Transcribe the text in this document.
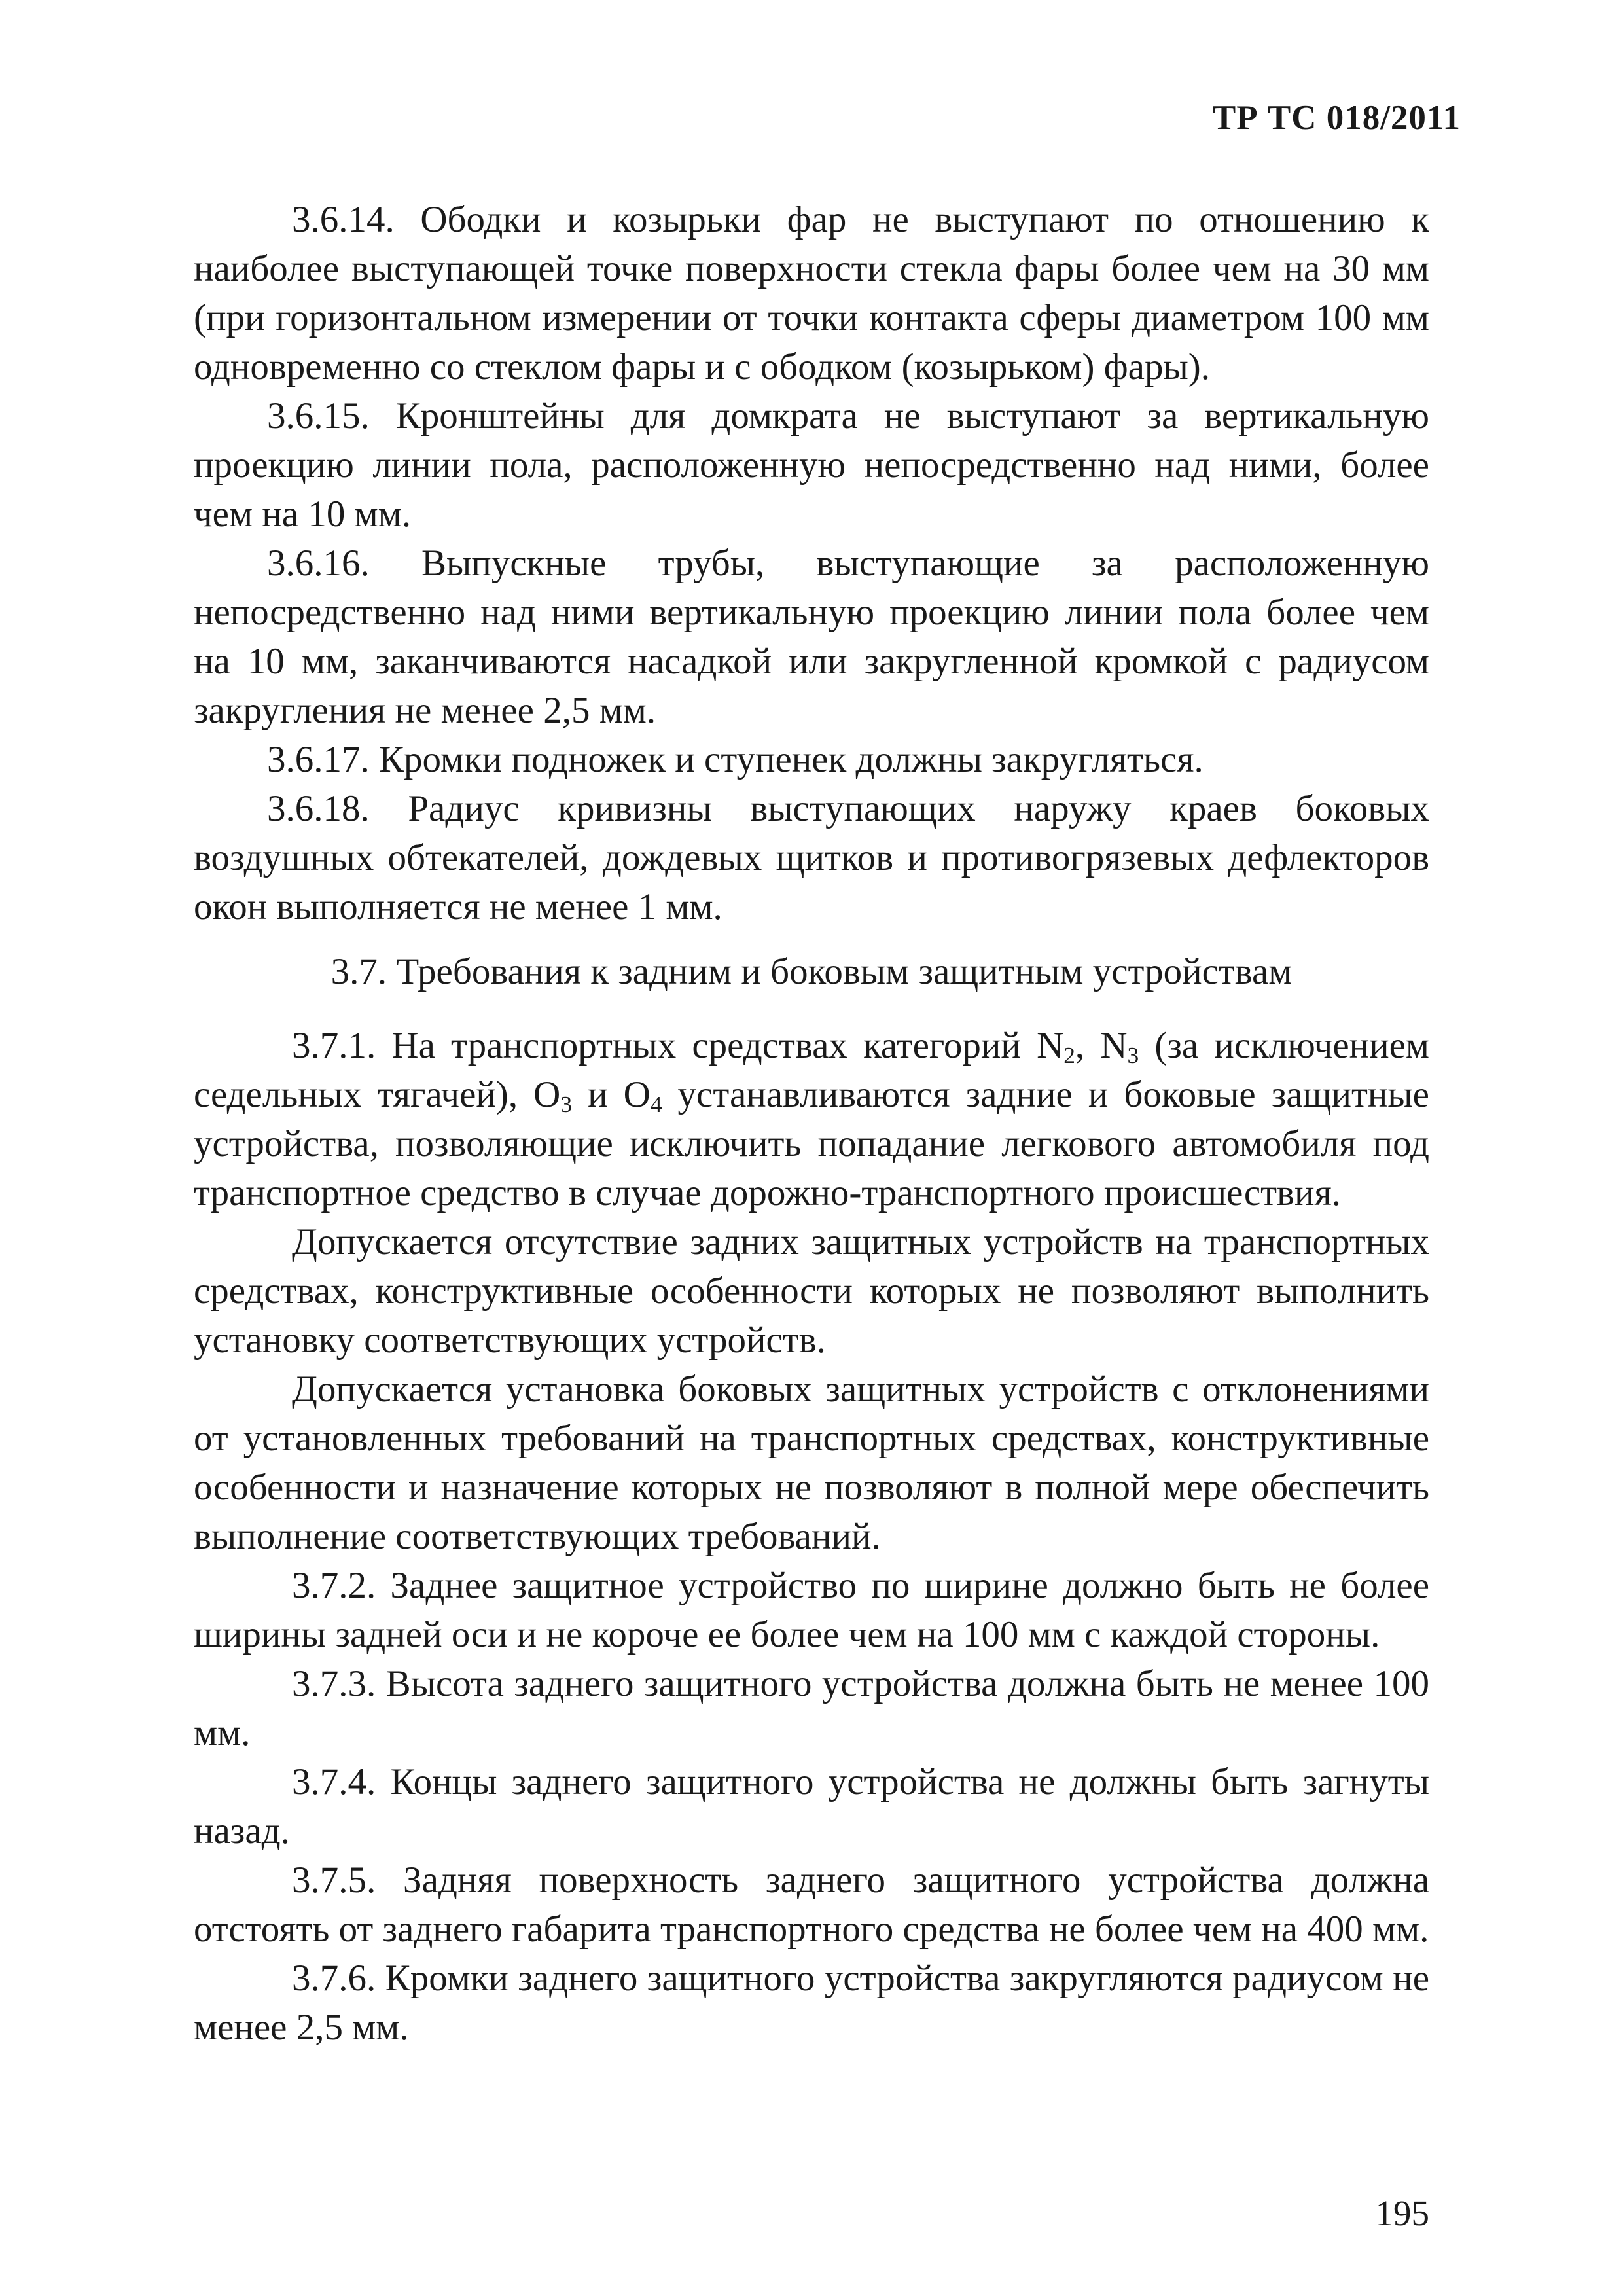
ТР ТС 018/2011

3.6.14. Ободки и козырьки фар не выступают по отношению к наиболее выступающей точке поверхности стекла фары более чем на 30 мм (при горизонтальном измерении от точки контакта сферы диаметром 100 мм одновременно со стеклом фары и с ободком (козырьком) фары).

3.6.15. Кронштейны для домкрата не выступают за вертикальную проекцию линии пола, расположенную непосредственно над ними, более чем на 10 мм.

3.6.16. Выпускные трубы, выступающие за расположенную непосредственно над ними вертикальную проекцию линии пола более чем на 10 мм, заканчиваются насадкой или закругленной кромкой с радиусом закругления не менее 2,5 мм.

3.6.17. Кромки подножек и ступенек должны закругляться.

3.6.18. Радиус кривизны выступающих наружу краев боковых воздушных обтекателей, дождевых щитков и противогрязевых дефлекторов окон выполняется не менее 1 мм.

3.7. Требования к задним и боковым защитным устройствам

3.7.1. На транспортных средствах категорий $N_2$, $N_3$ (за исключением седельных тягачей), $O_3$ и $O_4$ устанавливаются задние и боковые защитные устройства, позволяющие исключить попадание легкового автомобиля под транспортное средство в случае дорожно-транспортного происшествия.

Допускается отсутствие задних защитных устройств на транспортных средствах, конструктивные особенности которых не позволяют выполнить установку соответствующих устройств.

Допускается установка боковых защитных устройств с отклонениями от установленных требований на транспортных средствах, конструктивные особенности и назначение которых не позволяют в полной мере обеспечить выполнение соответствующих требований.

3.7.2. Заднее защитное устройство по ширине должно быть не более ширины задней оси и не короче ее более чем на 100 мм с каждой стороны.

3.7.3. Высота заднего защитного устройства должна быть не менее 100 мм.

3.7.4. Концы заднего защитного устройства не должны быть загнуты назад.

3.7.5. Задняя поверхность заднего защитного устройства должна отстоять от заднего габарита транспортного средства не более чем на 400 мм.

3.7.6. Кромки заднего защитного устройства закругляются радиусом не менее 2,5 мм.

195
